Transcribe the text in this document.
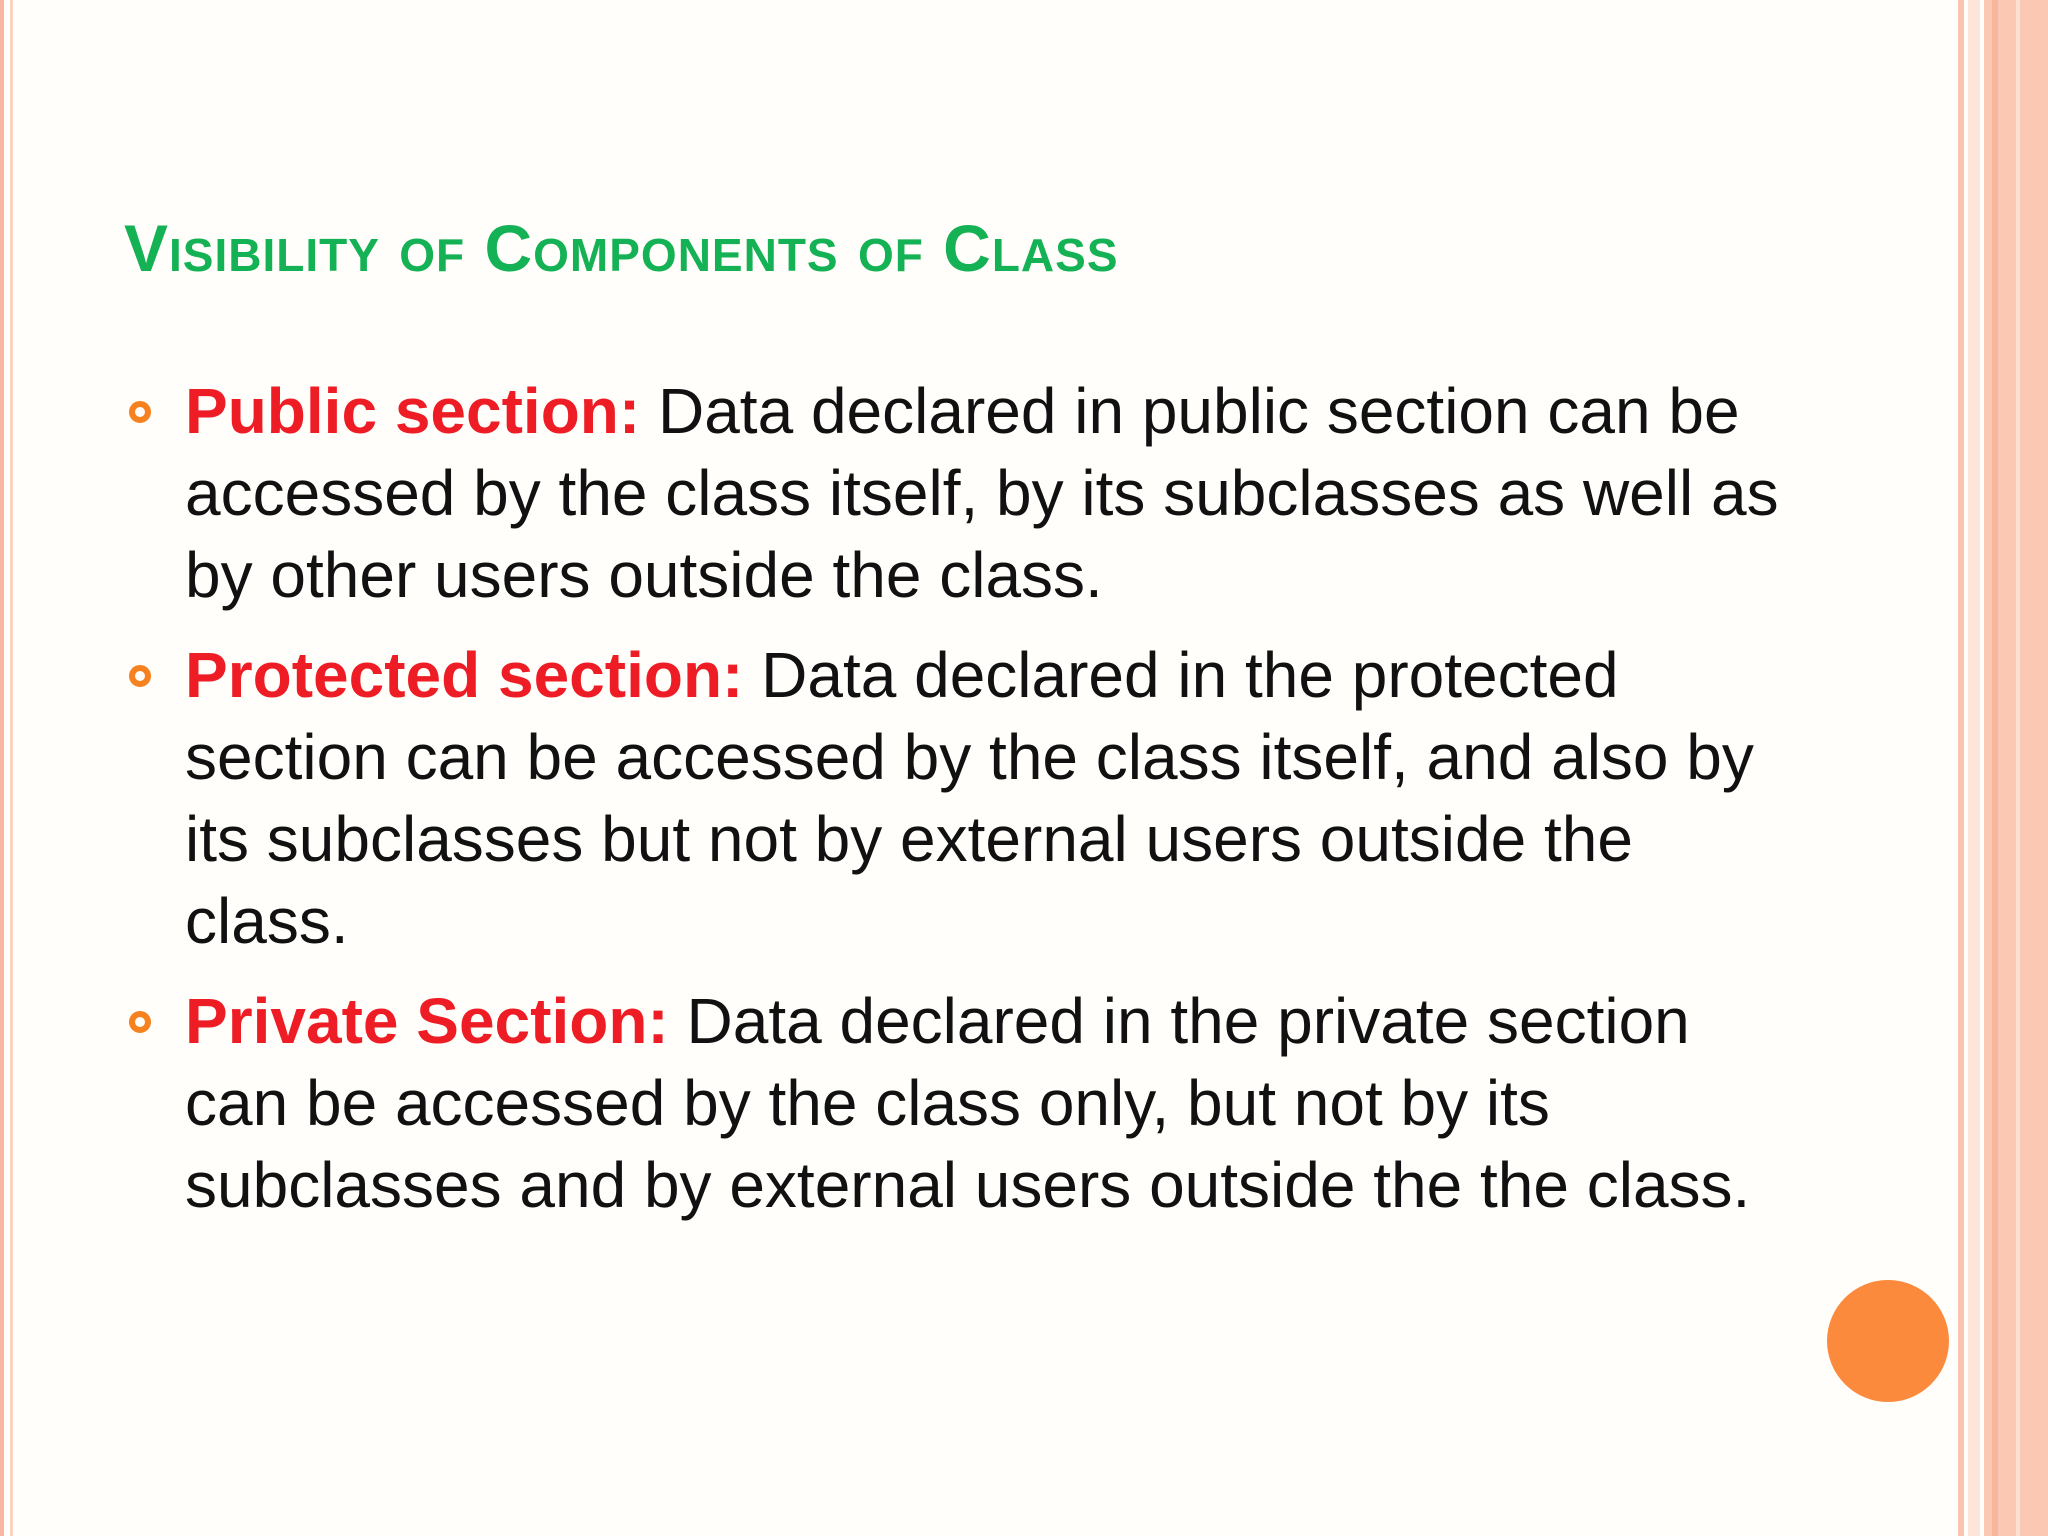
Visibility of Components of Class
Public section: Data declared in public section can be accessed by the class itself, by its subclasses as well as by other users outside the class.
Protected section: Data declared in the protected section can be accessed by the class itself, and also by its subclasses but not by external users outside the class.
Private Section: Data declared in the private section can be accessed by the class only, but not by its subclasses and by external users outside the the class.
